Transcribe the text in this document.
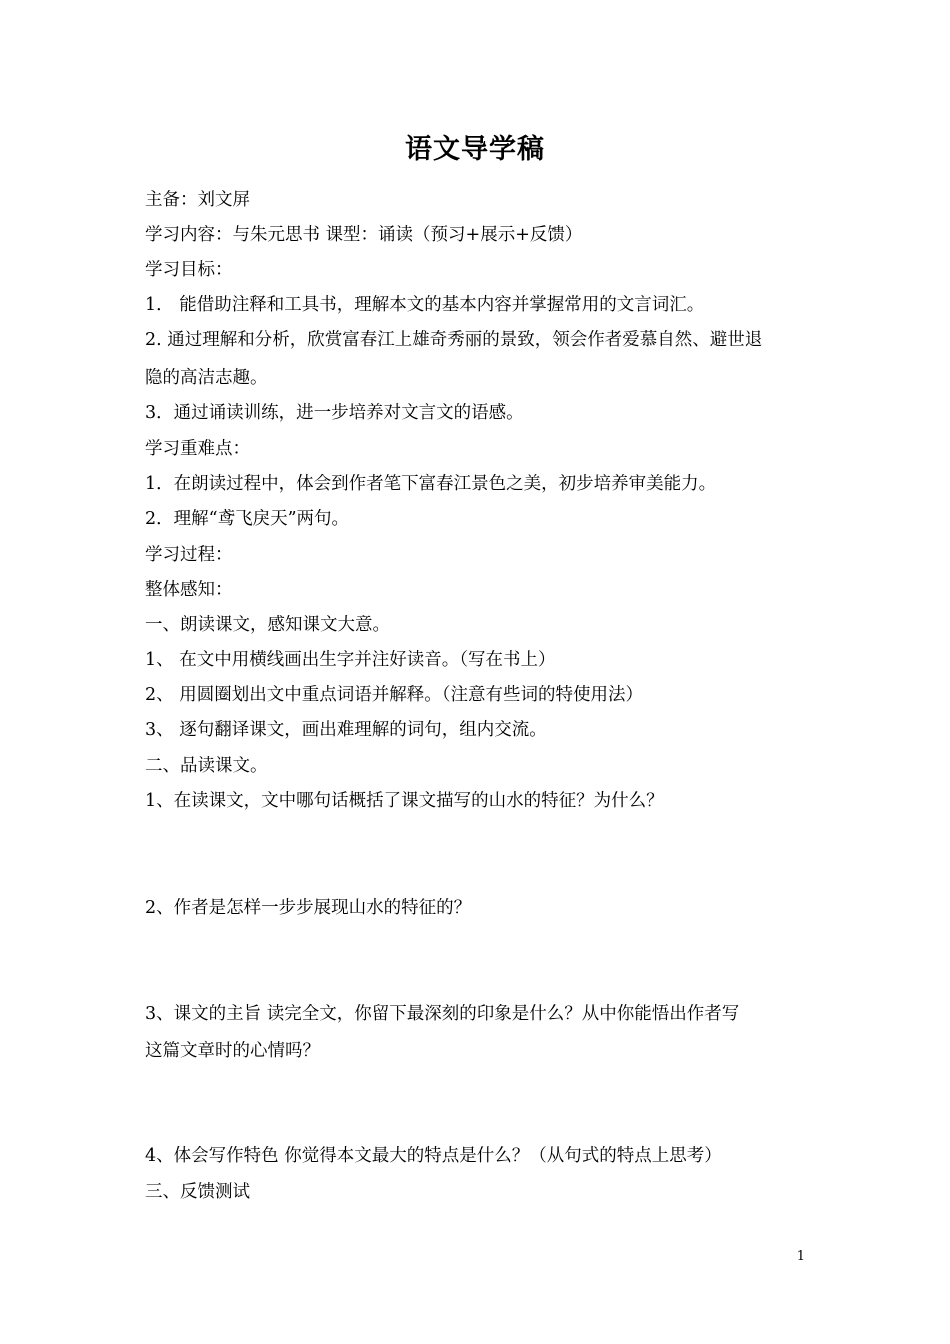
语文导学稿
主备：刘文屏
学习内容：与朱元思书 课型：诵读（预习+展示+反馈）
学习目标：
1． 能借助注释和工具书，理解本文的基本内容并掌握常用的文言词汇。
2. 通过理解和分析，欣赏富春江上雄奇秀丽的景致，领会作者爱慕自然、避世退
隐的高洁志趣。
3．通过诵读训练，进一步培养对文言文的语感。
学习重难点：
1．在朗读过程中，体会到作者笔下富春江景色之美，初步培养审美能力。
2．理解“鸢飞戾天”两句。
学习过程：
整体感知：
一、朗读课文，感知课文大意。
1、 在文中用横线画出生字并注好读音。（写在书上）
2、 用圆圈划出文中重点词语并解释。（注意有些词的特使用法）
3、 逐句翻译课文，画出难理解的词句，组内交流。
二、品读课文。
1、在读课文，文中哪句话概括了课文描写的山水的特征？为什么？
2、作者是怎样一步步展现山水的特征的？
3、课文的主旨 读完全文，你留下最深刻的印象是什么？从中你能悟出作者写
这篇文章时的心情吗？
4、体会写作特色 你觉得本文最大的特点是什么？（从句式的特点上思考）
三、反馈测试
1
